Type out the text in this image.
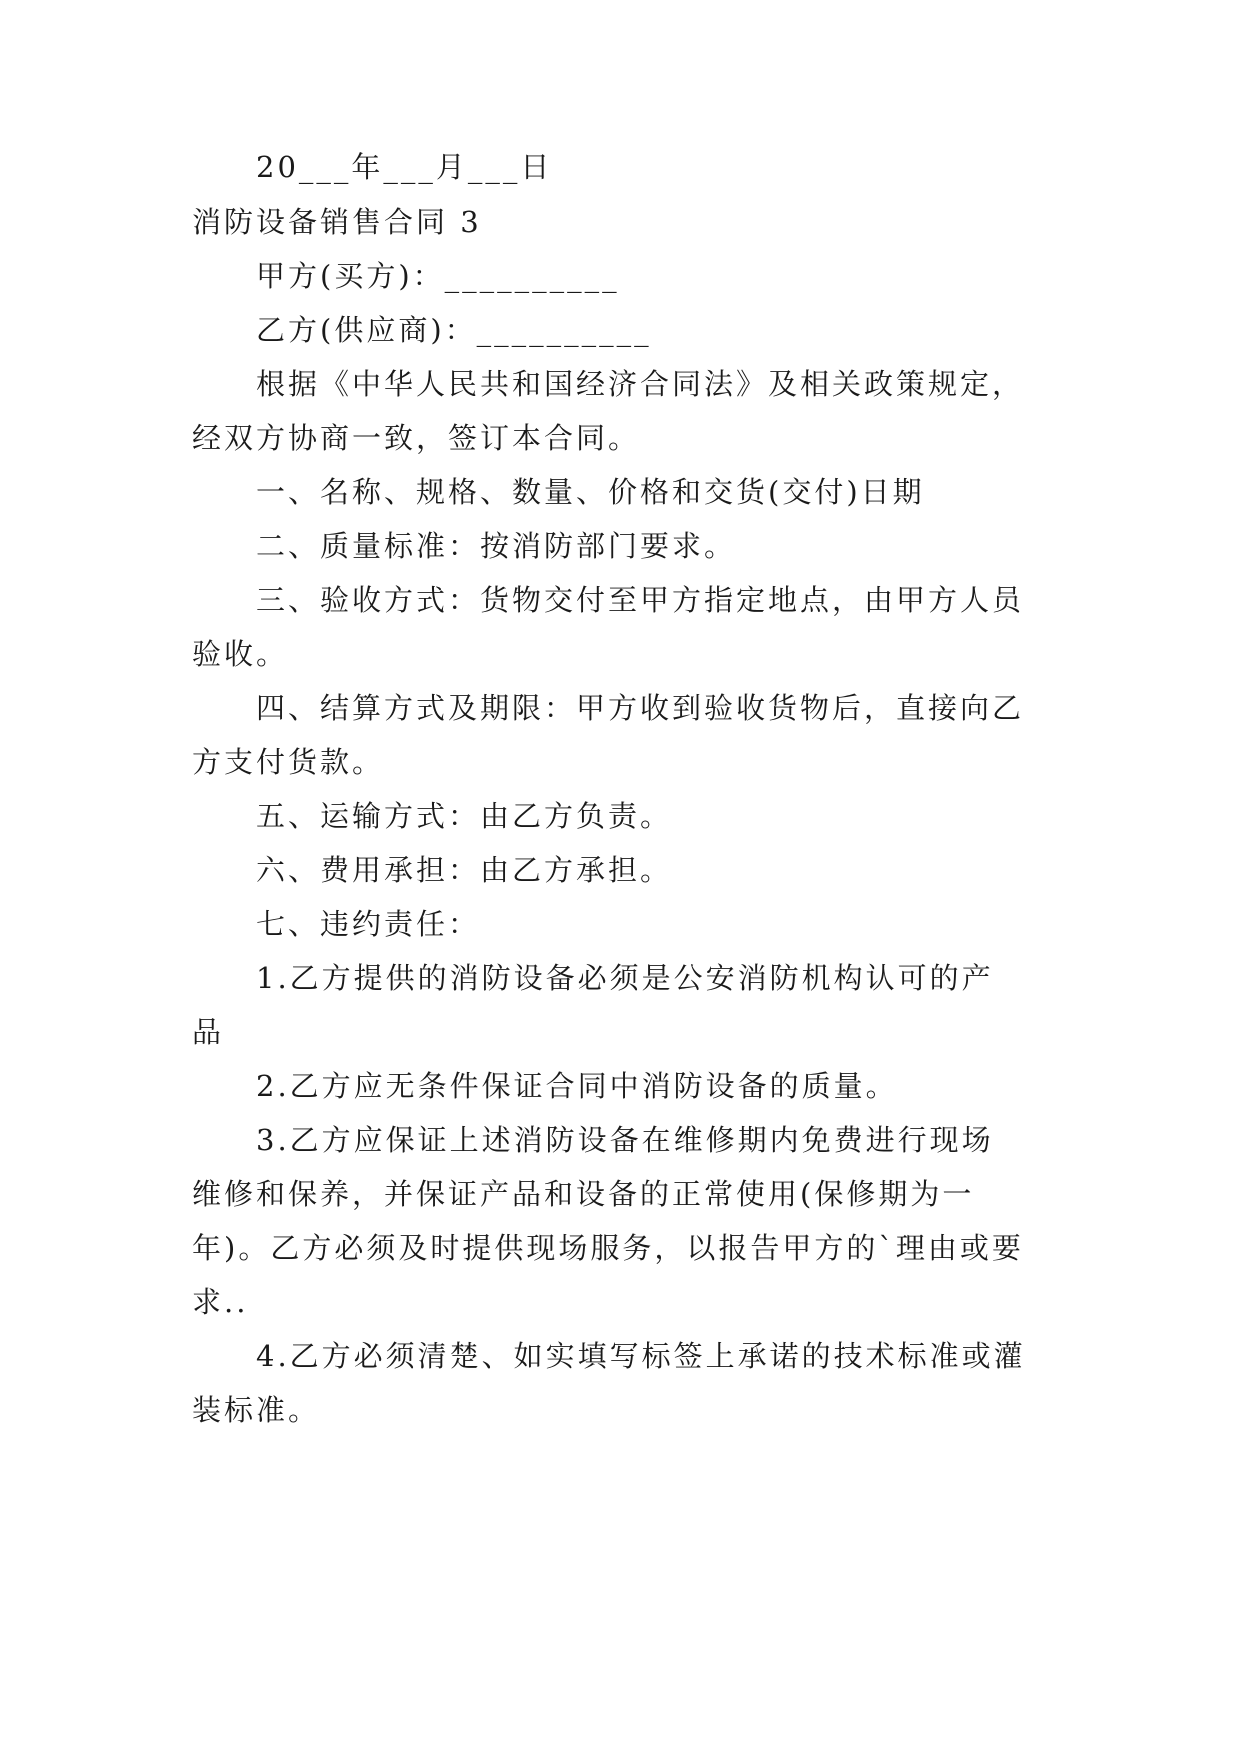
20___年___月___日
消防设备销售合同 3
甲方(买方)：__________
乙方(供应商)：__________
根据《中华人民共和国经济合同法》及相关政策规定，
经双方协商一致，签订本合同。
一、名称、规格、数量、价格和交货(交付)日期
二、质量标准：按消防部门要求。
三、验收方式：货物交付至甲方指定地点，由甲方人员
验收。
四、结算方式及期限：甲方收到验收货物后，直接向乙
方支付货款。
五、运输方式：由乙方负责。
六、费用承担：由乙方承担。
七、违约责任：
1.乙方提供的消防设备必须是公安消防机构认可的产
品
2.乙方应无条件保证合同中消防设备的质量。
3.乙方应保证上述消防设备在维修期内免费进行现场
维修和保养，并保证产品和设备的正常使用(保修期为一
年)。乙方必须及时提供现场服务，以报告甲方的`理由或要
求..
4.乙方必须清楚、如实填写标签上承诺的技术标准或灌
装标准。
